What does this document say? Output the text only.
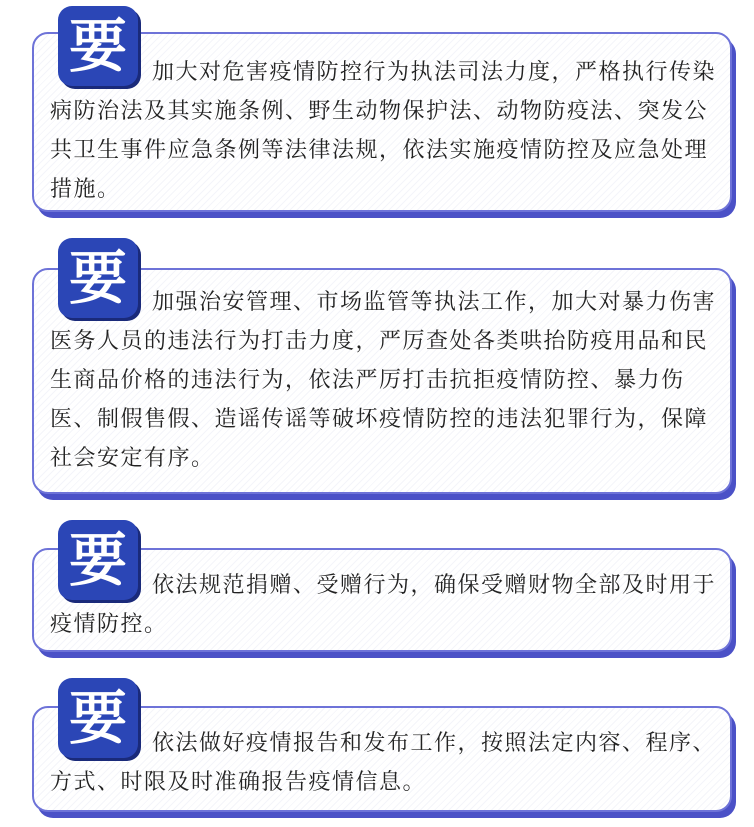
要	加大对危害疫情防控行为执法司法力度，严格执行传染病防治法及其实施条例、野生动物保护法、动物防疫法、突发公共卫生事件应急条例等法律法规，依法实施疫情防控及应急处理措施。

要	加强治安管理、市场监管等执法工作，加大对暴力伤害医务人员的违法行为打击力度，严厉查处各类哄抬防疫用品和民生商品价格的违法行为，依法严厉打击抗拒疫情防控、暴力伤医、制假售假、造谣传谣等破坏疫情防控的违法犯罪行为，保障社会安定有序。

要	依法规范捐赠、受赠行为，确保受赠财物全部及时用于疫情防控。

要	依法做好疫情报告和发布工作，按照法定内容、程序、方式、时限及时准确报告疫情信息。
